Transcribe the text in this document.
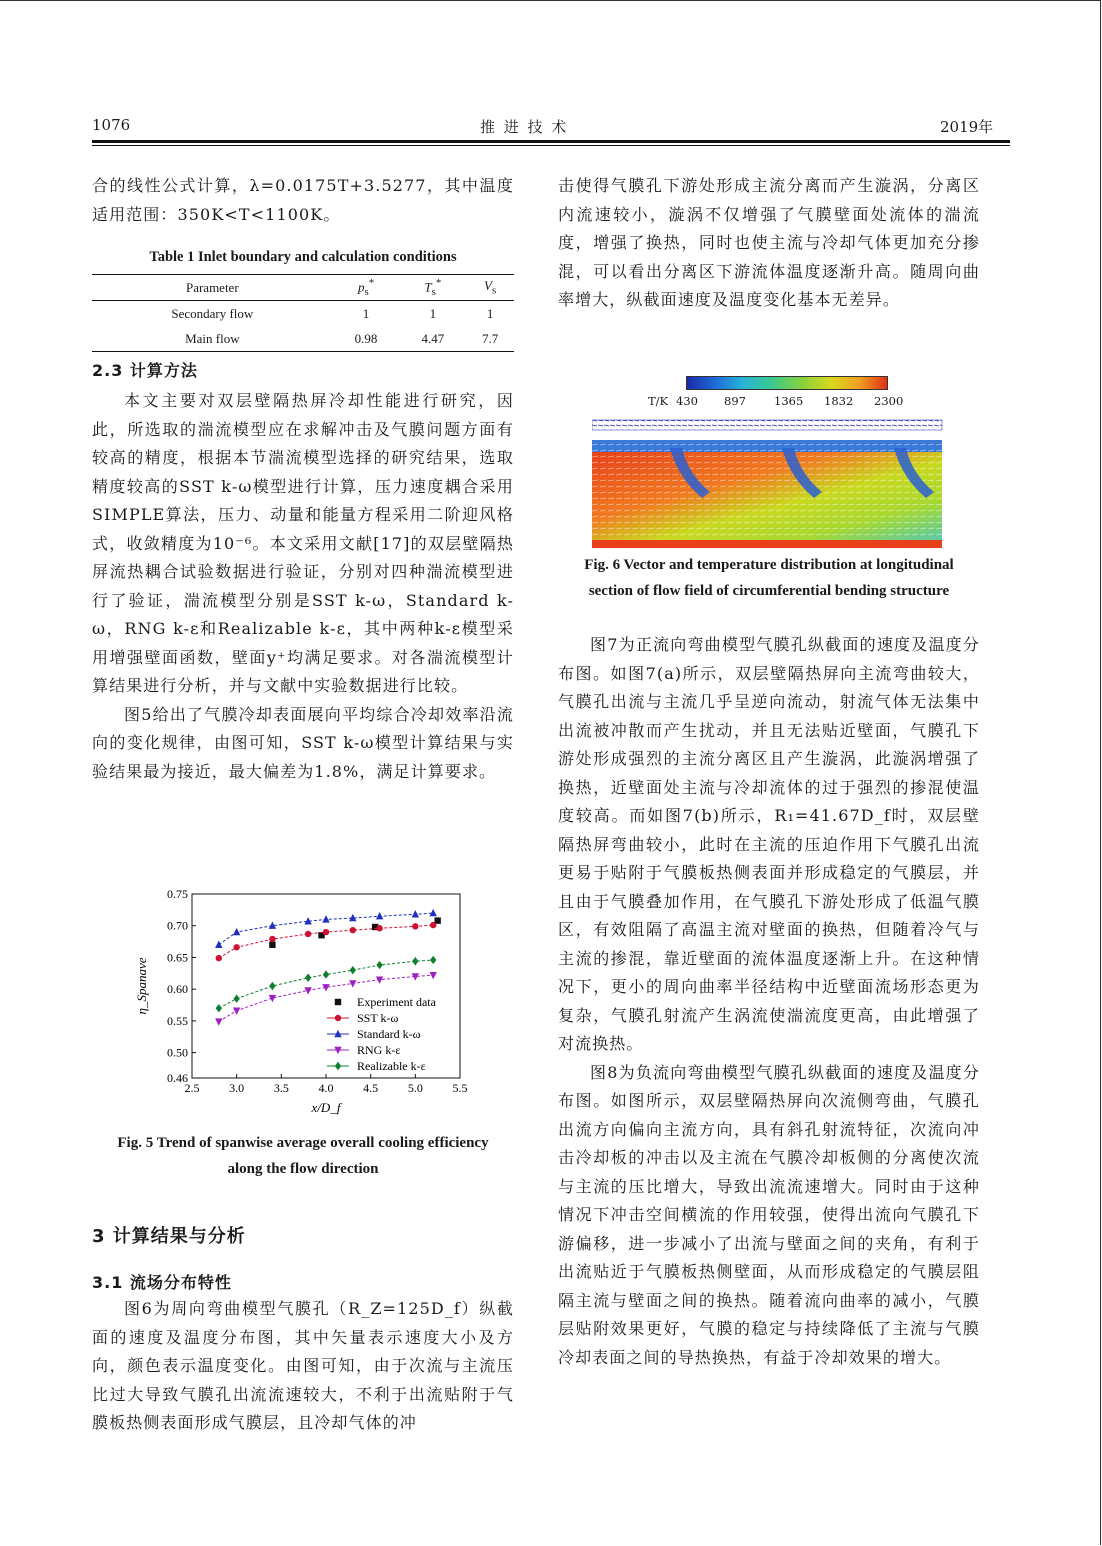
1076	推 进 技 术	2019年

合的线性公式计算，λ=0.0175T+3.5277，其中温度适用范围：350K<T<1100K。

Table 1 Inlet boundary and calculation conditions

Parameter	$p_s^*$	$T_s^*$	$V_s$
Secondary flow	1	1	1
Main flow	0.98	4.47	7.7

2.3 计算方法

本文主要对双层壁隔热屏冷却性能进行研究，因此，所选取的湍流模型应在求解冲击及气膜问题方面有较高的精度，根据本节湍流模型选择的研究结果，选取精度较高的SST k-ω模型进行计算，压力速度耦合采用SIMPLE算法，压力、动量和能量方程采用二阶迎风格式，收敛精度为10⁻⁶。本文采用文献[17]的双层壁隔热屏流热耦合试验数据进行验证，分别对四种湍流模型进行了验证，湍流模型分别是SST k-ω，Standard k-ω，RNG k-ε和Realizable k-ε，其中两种k-ε模型采用增强壁面函数，壁面y⁺均满足要求。对各湍流模型计算结果进行分析，并与文献中实验数据进行比较。

图5给出了气膜冷却表面展向平均综合冷却效率沿流向的变化规律，由图可知，SST k-ω模型计算结果与实验结果最为接近，最大偏差为1.8%，满足计算要求。

2.5 3.0 3.5 4.0 4.5 5.0 5.5
0.46
0.50
0.55
0.60
0.65
0.70
0.75
x/D_f
η_Spanave	Experiment data
SST k-ω
Standard k-ω
RNG k-ε
Realizable k-ε

Fig. 5 Trend of spanwise average overall cooling efficiency

along the flow direction

3 计算结果与分析

3.1 流场分布特性

图6为周向弯曲模型气膜孔（R_Z=125D_f）纵截面的速度及温度分布图，其中矢量表示速度大小及方向，颜色表示温度变化。由图可知，由于次流与主流压比过大导致气膜孔出流流速较大，不利于出流贴附于气膜板热侧表面形成气膜层，且冷却气体的冲

击使得气膜孔下游处形成主流分离而产生漩涡，分离区内流速较小，漩涡不仅增强了气膜壁面处流体的湍流度，增强了换热，同时也使主流与冷却气体更加充分掺混，可以看出分离区下游流体温度逐渐升高。随周向曲率增大，纵截面速度及温度变化基本无差异。

T/K 430 897 1365 1832 2300

Fig. 6 Vector and temperature distribution at longitudinal

section of flow field of circumferential bending structure

图7为正流向弯曲模型气膜孔纵截面的速度及温度分布图。如图7(a)所示，双层壁隔热屏向主流弯曲较大，气膜孔出流与主流几乎呈逆向流动，射流气体无法集中出流被冲散而产生扰动，并且无法贴近壁面，气膜孔下游处形成强烈的主流分离区且产生漩涡，此漩涡增强了换热，近壁面处主流与冷却流体的过于强烈的掺混使温度较高。而如图7(b)所示，R₁=41.67D_f时，双层壁隔热屏弯曲较小，此时在主流的压迫作用下气膜孔出流更易于贴附于气膜板热侧表面并形成稳定的气膜层，并且由于气膜叠加作用，在气膜孔下游处形成了低温气膜区，有效阻隔了高温主流对壁面的换热，但随着冷气与主流的掺混，靠近壁面的流体温度逐渐上升。在这种情况下，更小的周向曲率半径结构中近壁面流场形态更为复杂，气膜孔射流产生涡流使湍流度更高，由此增强了对流换热。

图8为负流向弯曲模型气膜孔纵截面的速度及温度分布图。如图所示，双层壁隔热屏向次流侧弯曲，气膜孔出流方向偏向主流方向，具有斜孔射流特征，次流向冲击冷却板的冲击以及主流在气膜冷却板侧的分离使次流与主流的压比增大，导致出流流速增大。同时由于这种情况下冲击空间横流的作用较强，使得出流向气膜孔下游偏移，进一步减小了出流与壁面之间的夹角，有利于出流贴近于气膜板热侧壁面，从而形成稳定的气膜层阻隔主流与壁面之间的换热。随着流向曲率的减小，气膜层贴附效果更好，气膜的稳定与持续降低了主流与气膜冷却表面之间的导热换热，有益于冷却效果的增大。
